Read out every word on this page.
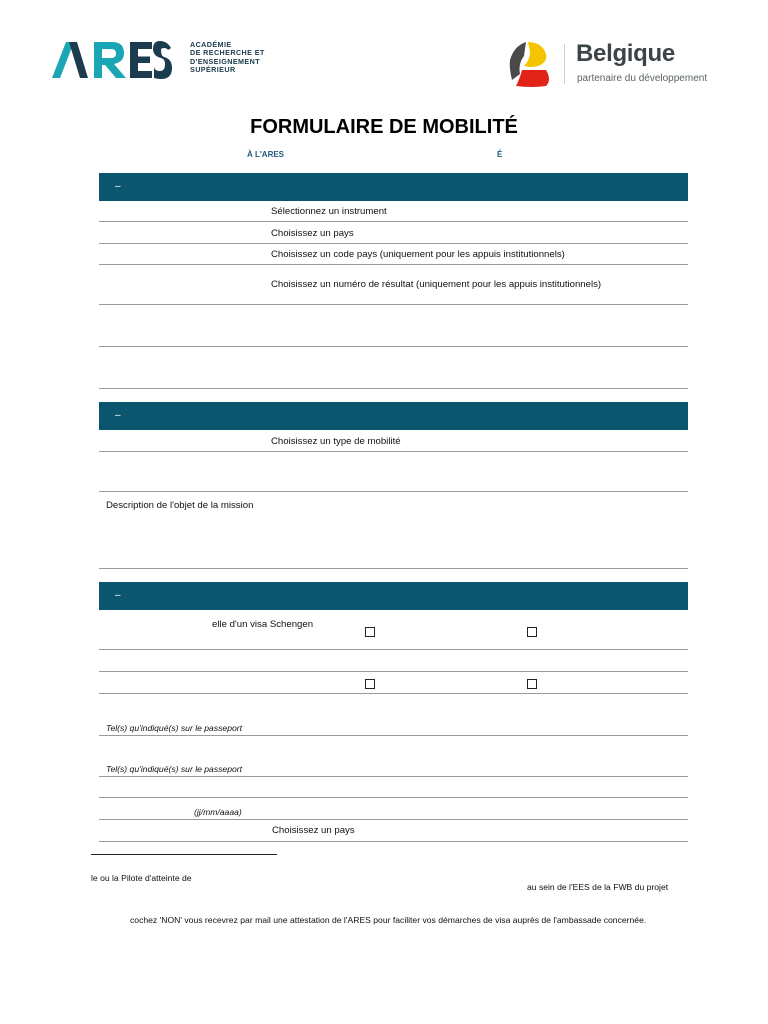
ACADÉMIE
DE RECHERCHE ET
D'ENSEIGNEMENT
SUPÉRIEUR
Belgique
partenaire du développement
FORMULAIRE DE MOBILITÉ
À L'ARES	É
–
Sélectionnez un instrument
Choisissez un pays
Choisissez un code pays (uniquement pour les appuis institutionnels)
Choisissez un numéro de résultat (uniquement pour les appuis institutionnels)
–
Choisissez un type de mobilité
Description de l'objet de la mission
–
elle d'un visa Schengen
Tel(s) qu'indiqué(s) sur le passeport
Tel(s) qu'indiqué(s) sur le passeport
(jj/mm/aaaa)
Choisissez un pays
le ou la Pilote d'atteinte de
au sein de l'EES de la FWB du projet
cochez 'NON' vous recevrez par mail une attestation de l'ARES pour faciliter vos démarches de visa auprès de l'ambassade concernée.
